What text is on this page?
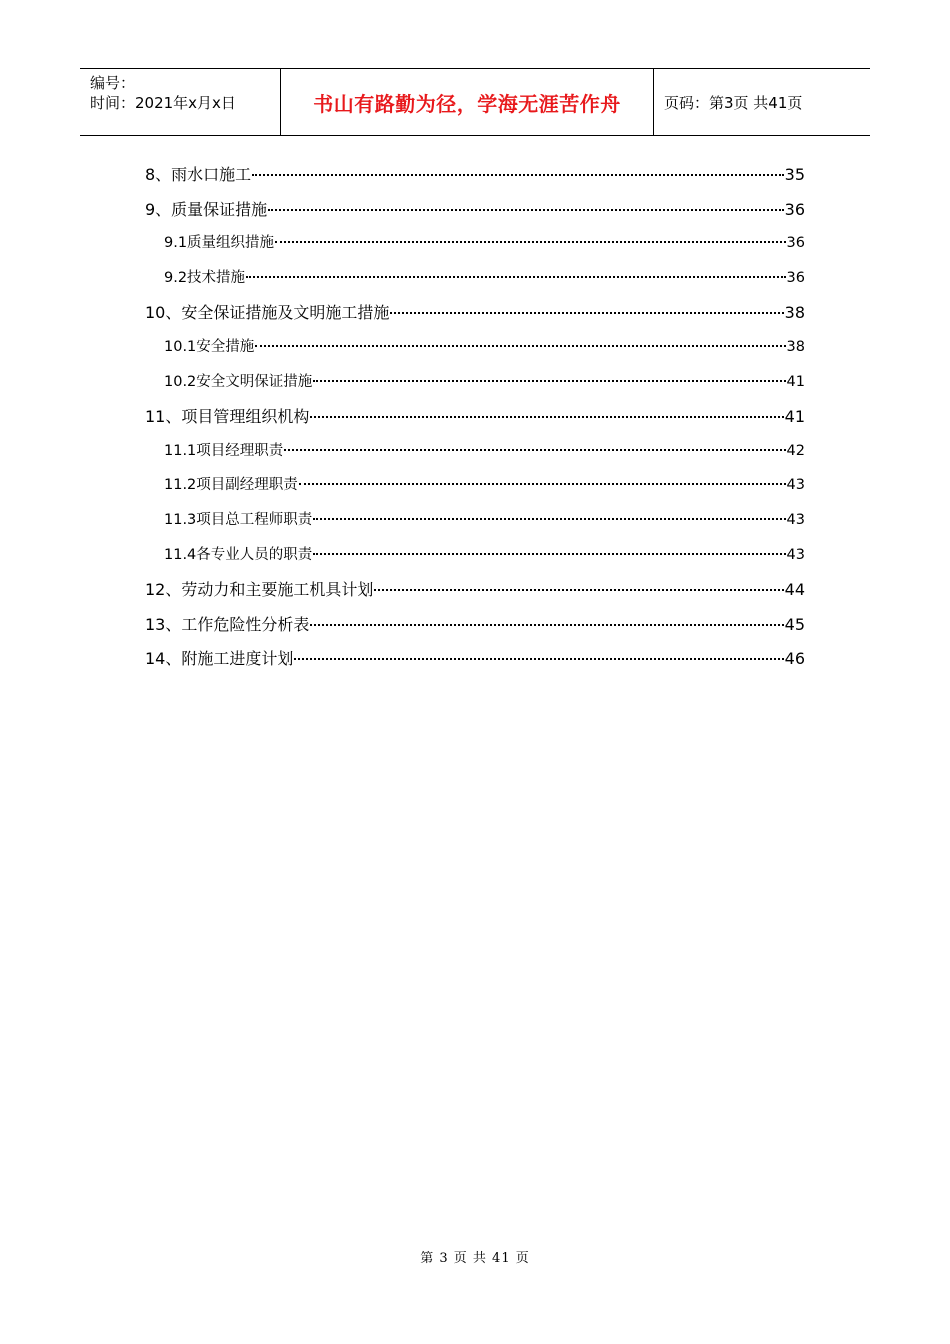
编号：
时间：2021年x月x日	书山有路勤为径，学海无涯苦作舟	页码：第3页 共41页
8、雨水口施工	35
9、质量保证措施	36
9.1质量组织措施	36
9.2技术措施	36
10、安全保证措施及文明施工措施	38
10.1安全措施	38
10.2安全文明保证措施	41
11、项目管理组织机构	41
11.1项目经理职责	42
11.2项目副经理职责	43
11.3项目总工程师职责	43
11.4各专业人员的职责	43
12、劳动力和主要施工机具计划	44
13、工作危险性分析表	45
14、附施工进度计划	46
第 3 页 共 41 页
